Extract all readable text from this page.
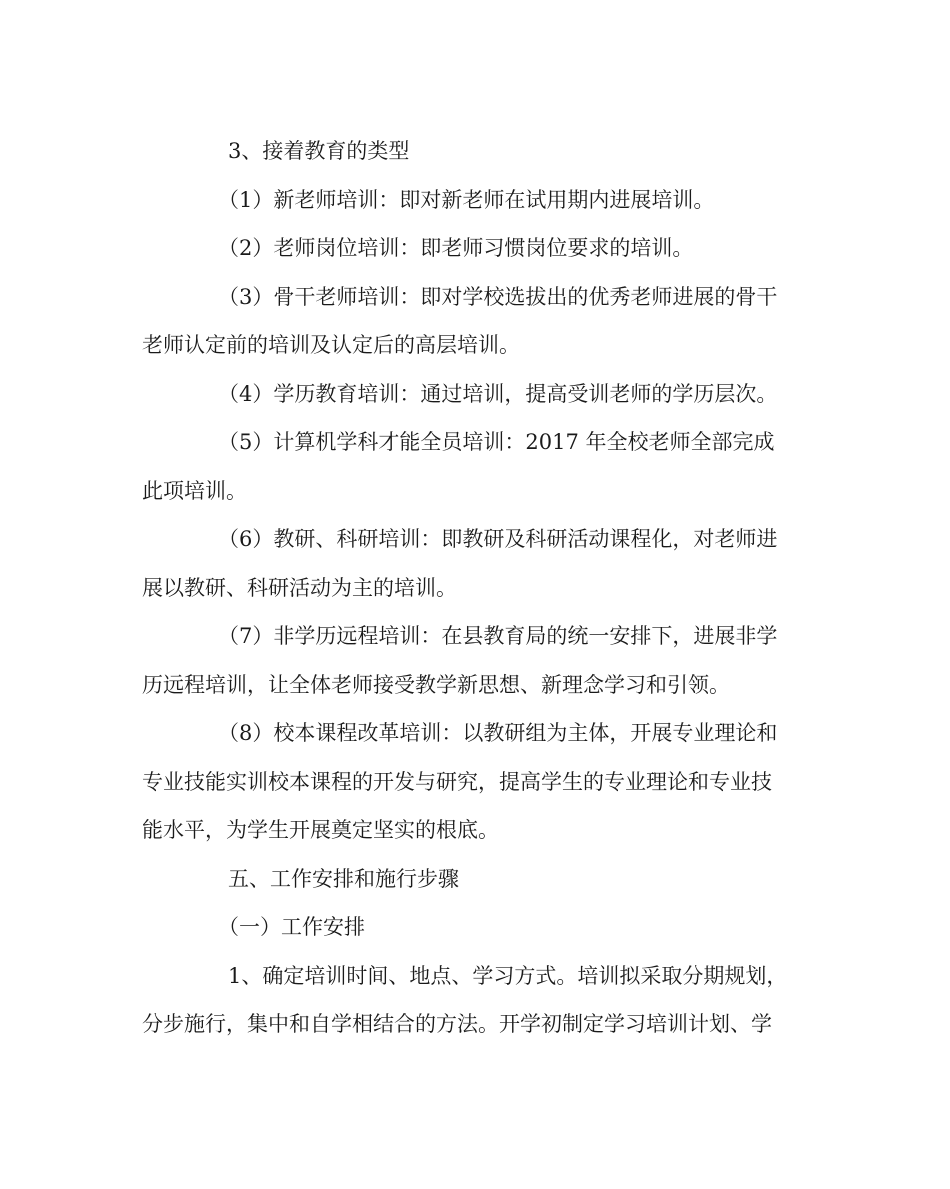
3、接着教育的类型
（1）新老师培训：即对新老师在试用期内进展培训。
（2）老师岗位培训：即老师习惯岗位要求的培训。
（3）骨干老师培训：即对学校选拔出的优秀老师进展的骨干
老师认定前的培训及认定后的高层培训。
（4）学历教育培训：通过培训，提高受训老师的学历层次。
（5）计算机学科才能全员培训：2017 年全校老师全部完成
此项培训。
（6）教研、科研培训：即教研及科研活动课程化，对老师进
展以教研、科研活动为主的培训。
（7）非学历远程培训：在县教育局的统一安排下，进展非学
历远程培训，让全体老师接受教学新思想、新理念学习和引领。
（8）校本课程改革培训：以教研组为主体，开展专业理论和
专业技能实训校本课程的开发与研究，提高学生的专业理论和专业技
能水平，为学生开展奠定坚实的根底。
五、工作安排和施行步骤
（一）工作安排
1、确定培训时间、地点、学习方式。培训拟采取分期规划，
分步施行，集中和自学相结合的方法。开学初制定学习培训计划、学
